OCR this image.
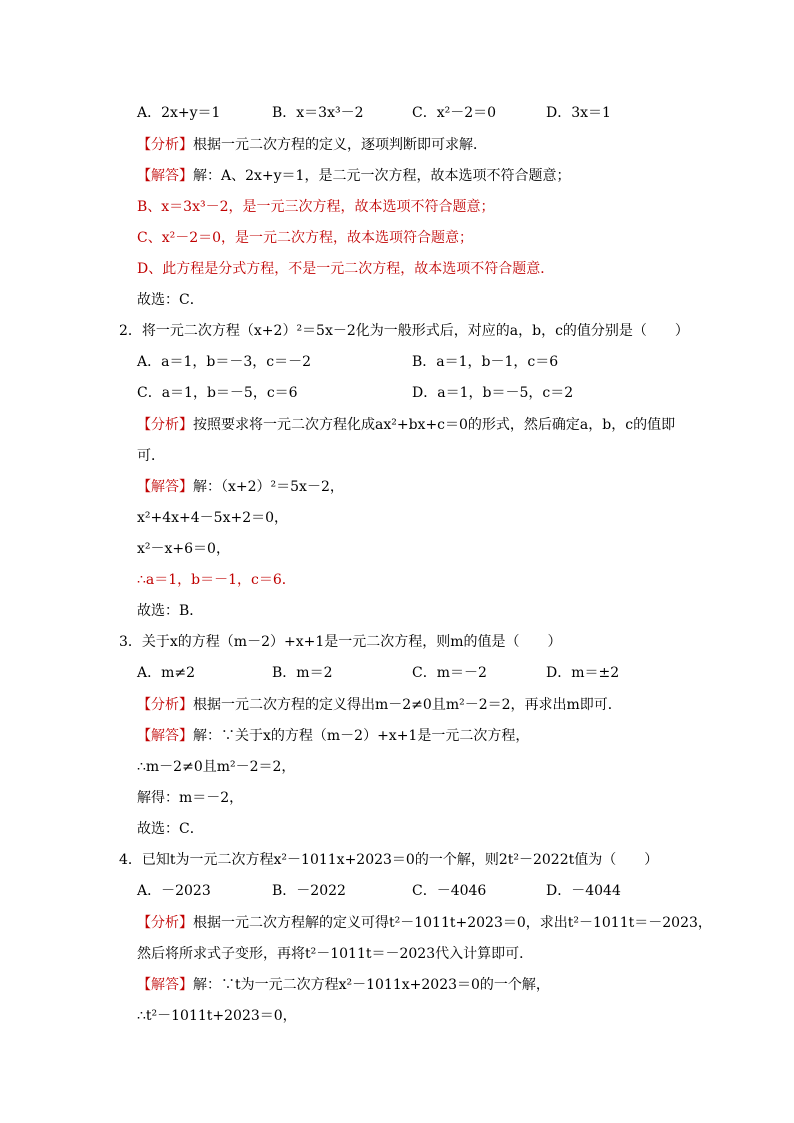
A．2x+y＝1	B．x＝3x³－2	C．x²－2＝0	D．3x＝1
【分析】根据一元二次方程的定义，逐项判断即可求解．
【解答】解：A、2x+y＝1，是二元一次方程，故本选项不符合题意；
B、x＝3x³－2，是一元三次方程，故本选项不符合题意；
C、x²－2＝0，是一元二次方程，故本选项符合题意；
D、此方程是分式方程，不是一元二次方程，故本选项不符合题意．
故选：C．
2．将一元二次方程（x+2）²＝5x－2化为一般形式后，对应的a，b，c的值分别是（　　）
A．a＝1，b＝－3，c＝－2	B．a＝1，b－1，c＝6
C．a＝1，b＝－5，c＝6	D．a＝1，b＝－5，c＝2
【分析】按照要求将一元二次方程化成ax²+bx+c＝0的形式，然后确定a，b，c的值即
可．
【解答】解：（x+2）²＝5x－2，
x²+4x+4－5x+2＝0，
x²－x+6＝0，
∴a＝1，b＝－1，c＝6．
故选：B．
3．关于x的方程（m－2）+x+1是一元二次方程，则m的值是（　　）
A．m≠2	B．m＝2	C．m＝－2	D．m＝±2
【分析】根据一元二次方程的定义得出m－2≠0且m²－2＝2，再求出m即可．
【解答】解：∵关于x的方程（m－2）+x+1是一元二次方程，
∴m－2≠0且m²－2＝2，
解得：m＝－2，
故选：C．
4．已知t为一元二次方程x²－1011x+2023＝0的一个解，则2t²－2022t值为（　　）
A．－2023	B．－2022	C．－4046	D．－4044
【分析】根据一元二次方程解的定义可得t²－1011t+2023＝0，求出t²－1011t＝－2023，
然后将所求式子变形，再将t²－1011t＝－2023代入计算即可．
【解答】解：∵t为一元二次方程x²－1011x+2023＝0的一个解，
∴t²－1011t+2023＝0，
